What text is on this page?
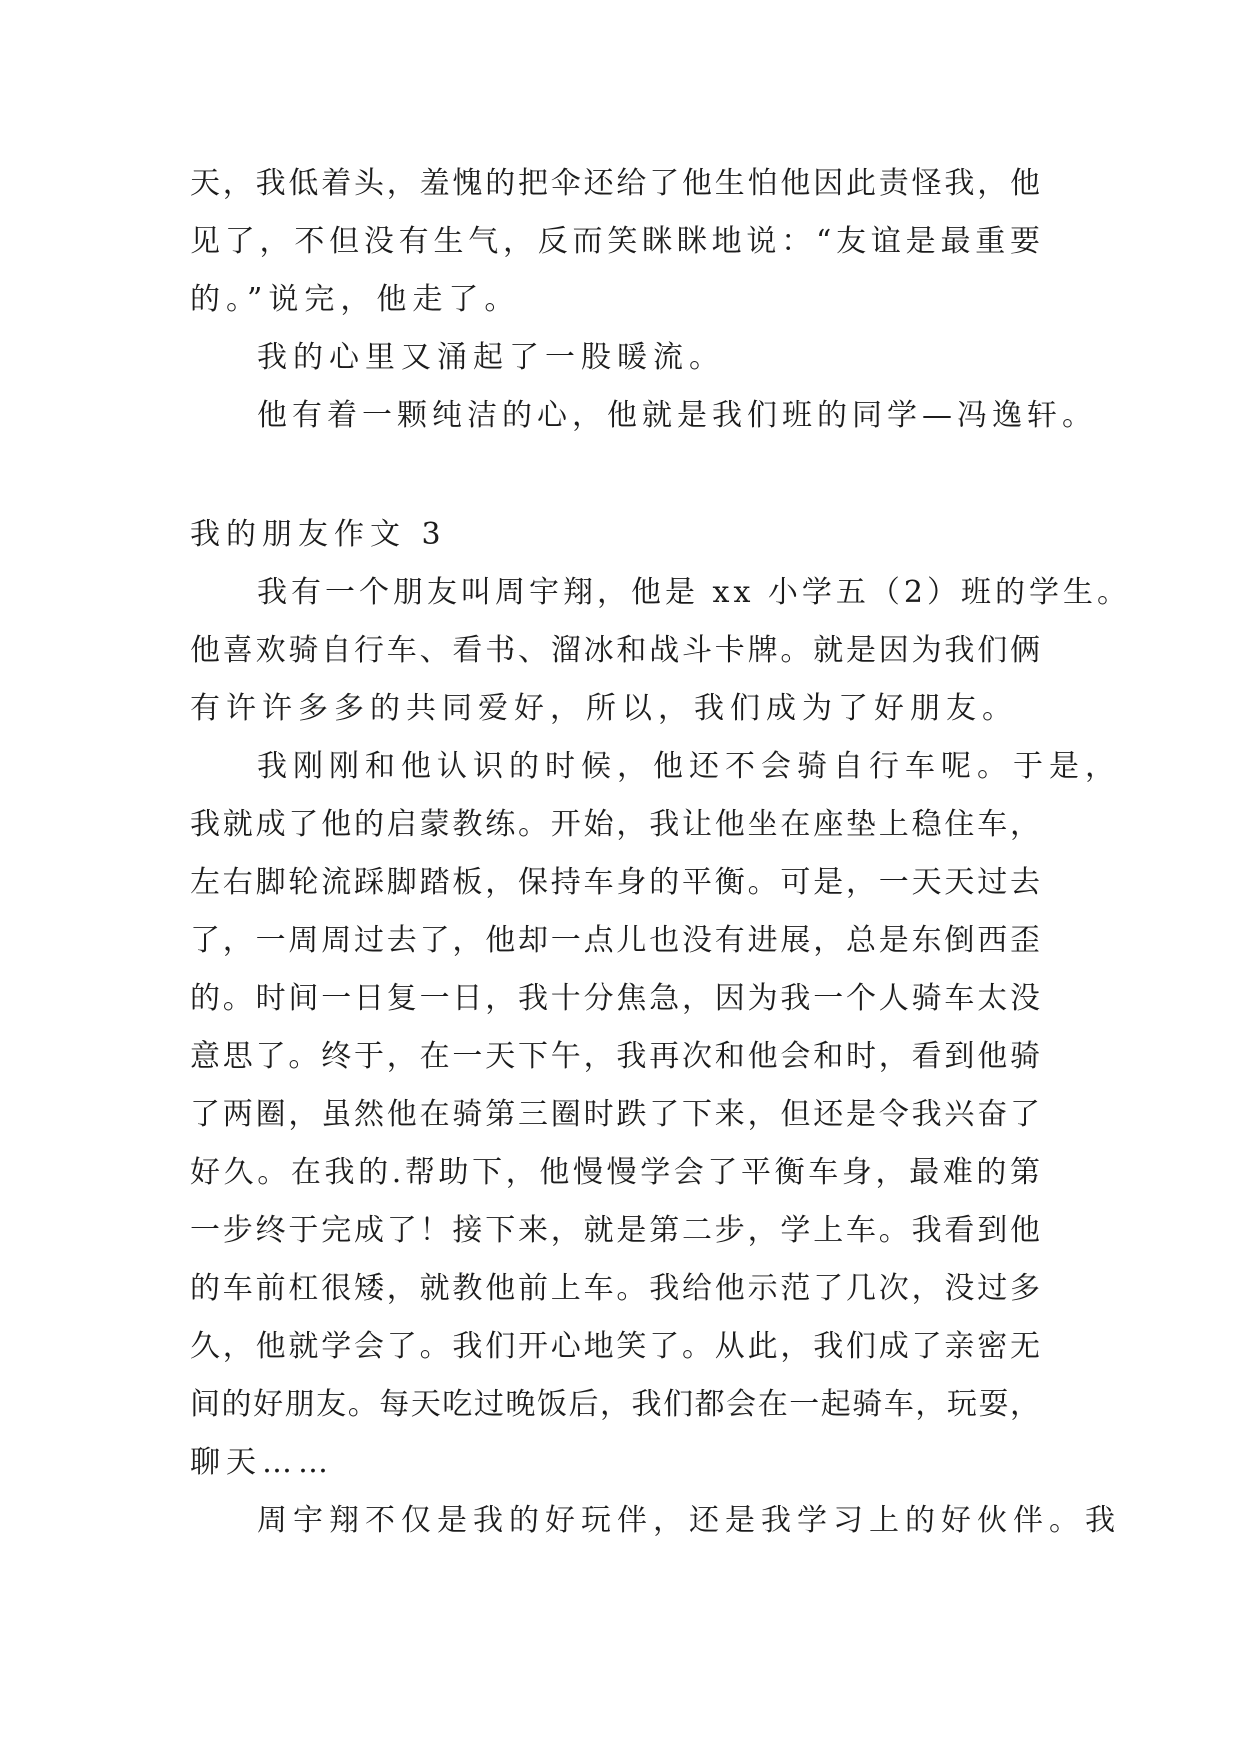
天，我低着头，羞愧的把伞还给了他生怕他因此责怪我，他

见了，不但没有生气，反而笑眯眯地说：“友谊是最重要

的。”说完，他走了。

我的心里又涌起了一股暖流。

他有着一颗纯洁的心，他就是我们班的同学—冯逸轩。

我的朋友作文 3

我有一个朋友叫周宇翔，他是 xx 小学五（2）班的学生。

他喜欢骑自行车、看书、溜冰和战斗卡牌。就是因为我们俩

有许许多多的共同爱好，所以，我们成为了好朋友。

我刚刚和他认识的时候，他还不会骑自行车呢。于是，

我就成了他的启蒙教练。开始，我让他坐在座垫上稳住车，

左右脚轮流踩脚踏板，保持车身的平衡。可是，一天天过去

了，一周周过去了，他却一点儿也没有进展，总是东倒西歪

的。时间一日复一日，我十分焦急，因为我一个人骑车太没

意思了。终于，在一天下午，我再次和他会和时，看到他骑

了两圈，虽然他在骑第三圈时跌了下来，但还是令我兴奋了

好久。在我的.帮助下，他慢慢学会了平衡车身，最难的第

一步终于完成了！接下来，就是第二步，学上车。我看到他

的车前杠很矮，就教他前上车。我给他示范了几次，没过多

久，他就学会了。我们开心地笑了。从此，我们成了亲密无

间的好朋友。每天吃过晚饭后，我们都会在一起骑车，玩耍，

聊天……

周宇翔不仅是我的好玩伴，还是我学习上的好伙伴。我
